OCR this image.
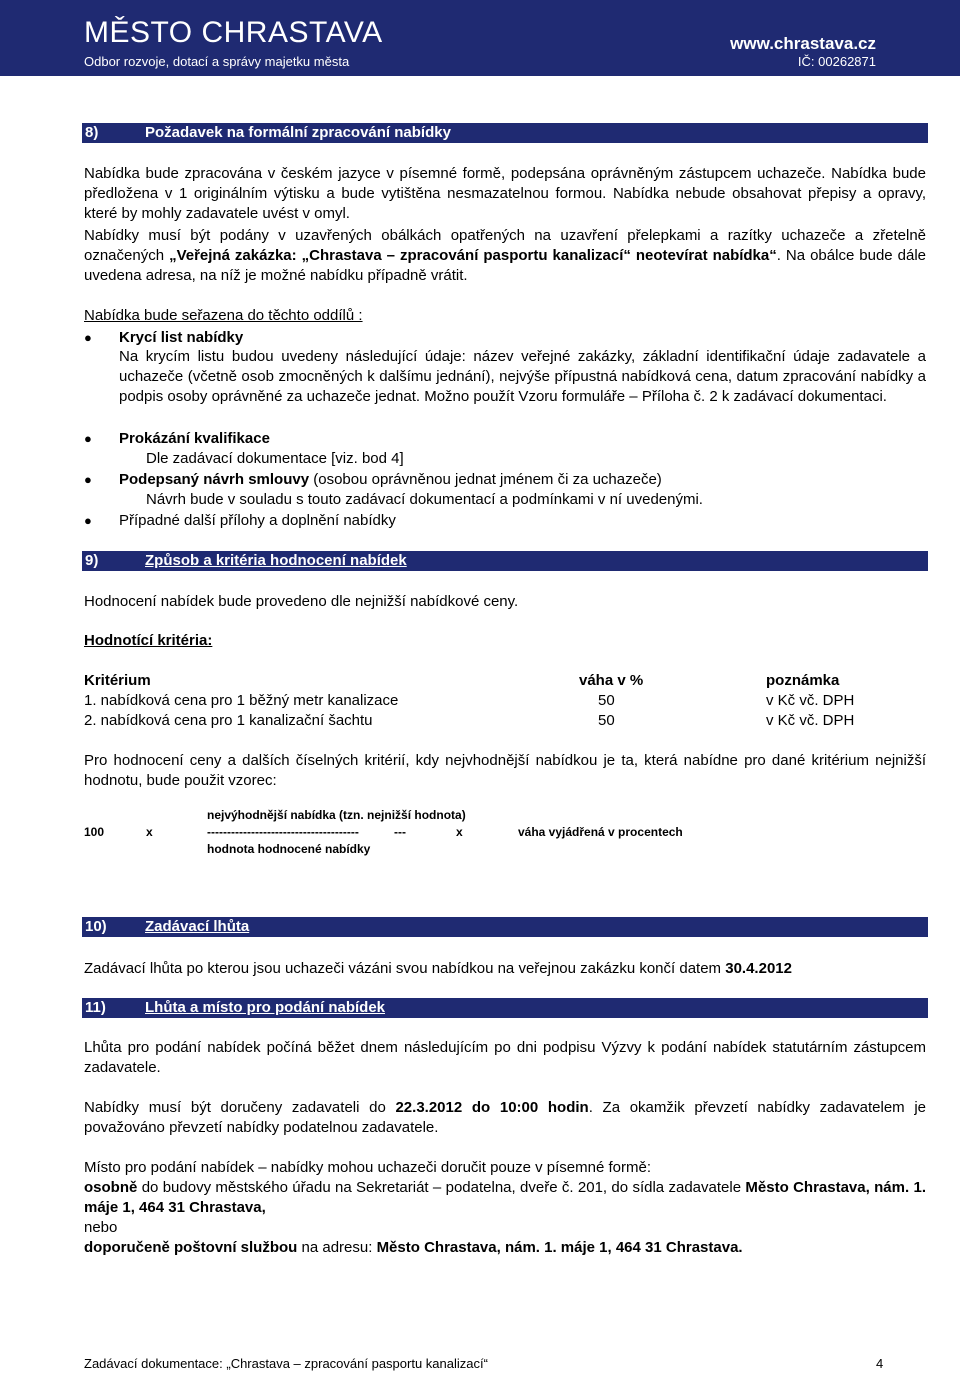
MĚSTO CHRASTAVA
Odbor rozvoje, dotací a správy majetku města
www.chrastava.cz
IČ: 00262871
8)	Požadavek na formální zpracování nabídky
Nabídka bude zpracována v českém jazyce v písemné formě, podepsána oprávněným zástupcem uchazeče. Nabídka bude předložena v 1 originálním výtisku a bude vytištěna nesmazatelnou formou. Nabídka nebude obsahovat přepisy a opravy, které by mohly zadavatele uvést v omyl.
Nabídky musí být podány v uzavřených obálkách opatřených na uzavření přelepkami a razítky uchazeče a zřetelně označených „Veřejná zakázka: „Chrastava – zpracování pasportu kanalizací“ neotevírat nabídka“. Na obálce bude dále uvedena adresa, na níž je možné nabídku případně vrátit.
Nabídka bude seřazena do těchto oddílů :
● Krycí list nabídky
Na krycím listu budou uvedeny následující údaje: název veřejné zakázky, základní identifikační údaje zadavatele a uchazeče (včetně osob zmocněných k dalšímu jednání), nejvýše přípustná nabídková cena, datum zpracování nabídky a podpis osoby oprávněné za uchazeče jednat. Možno použít Vzoru formuláře – Příloha č. 2 k zadávací dokumentaci.
● Prokázání kvalifikace
Dle zadávací dokumentace [viz. bod 4]
● Podepsaný návrh smlouvy (osobou oprávněnou jednat jménem či za uchazeče)
Návrh bude v souladu s touto zadávací dokumentací a podmínkami v ní uvedenými.
● Případné další přílohy a doplnění nabídky
9)	Způsob a kritéria hodnocení nabídek
Hodnocení nabídek bude provedeno dle nejnižší nabídkové ceny.
Hodnotící kritéria:
Kritérium	váha v %	poznámka
1. nabídková cena pro 1 běžný metr kanalizace	50	v Kč vč. DPH
2. nabídková cena pro 1 kanalizační šachtu	50	v Kč vč. DPH
Pro hodnocení ceny a dalších číselných kritérií, kdy nejvhodnější nabídkou je ta, která nabídne pro dané kritérium nejnižší hodnotu, bude použit vzorec:
nejvýhodnější nabídka (tzn. nejnižší hodnota)
100	x	--------------------------------------	---	x	váha vyjádřená v procentech
hodnota hodnocené nabídky
10)	Zadávací lhůta
Zadávací lhůta po kterou jsou uchazeči vázáni svou nabídkou na veřejnou zakázku končí datem 30.4.2012
11)	Lhůta a místo pro podání nabídek
Lhůta pro podání nabídek počíná běžet dnem následujícím po dni podpisu Výzvy k podání nabídek statutárním zástupcem zadavatele.
Nabídky musí být doručeny zadavateli do 22.3.2012 do 10:00 hodin. Za okamžik převzetí nabídky zadavatelem je považováno převzetí nabídky podatelnou zadavatele.
Místo pro podání nabídek – nabídky mohou uchazeči doručit pouze v písemné formě:
osobně do budovy městského úřadu na Sekretariát – podatelna, dveře č. 201, do sídla zadavatele Město Chrastava, nám. 1. máje 1, 464 31 Chrastava,
nebo
doporučeně poštovní službou na adresu: Město Chrastava, nám. 1. máje 1, 464 31 Chrastava.
Zadávací dokumentace: „Chrastava – zpracování pasportu kanalizací“	4
